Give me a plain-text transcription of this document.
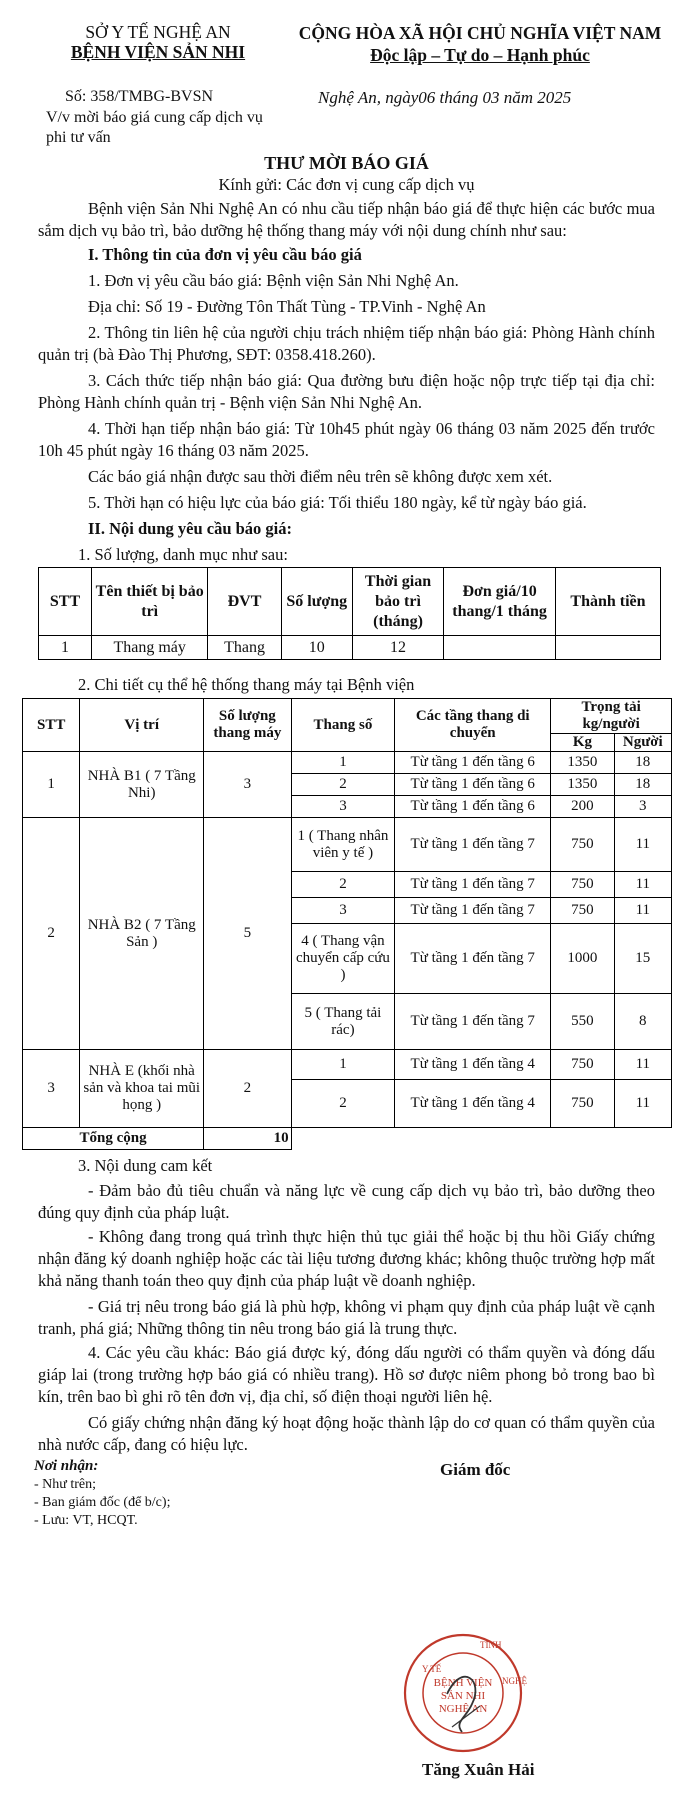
SỞ Y TẾ NGHỆ AN
BỆNH VIỆN SẢN NHI
CỘNG HÒA XÃ HỘI CHỦ NGHĨA VIỆT NAM
Độc lập – Tự do – Hạnh phúc
Số: 358/TMBG-BVSN	Nghệ An, ngày06 tháng 03 năm 2025
V/v mời báo giá cung cấp dịch vụ phi tư vấn
THƯ MỜI BÁO GIÁ
Kính gửi: Các đơn vị cung cấp dịch vụ
Bệnh viện Sản Nhi Nghệ An có nhu cầu tiếp nhận báo giá để thực hiện các bước mua sắm dịch vụ bảo trì, bảo dưỡng hệ thống thang máy với nội dung chính như sau:
I. Thông tin của đơn vị yêu cầu báo giá
1. Đơn vị yêu cầu báo giá: Bệnh viện Sản Nhi Nghệ An.
Địa chỉ: Số 19 - Đường Tôn Thất Tùng - TP.Vinh - Nghệ An
2. Thông tin liên hệ của người chịu trách nhiệm tiếp nhận báo giá: Phòng Hành chính quản trị (bà Đào Thị Phương, SĐT: 0358.418.260).
3. Cách thức tiếp nhận báo giá: Qua đường bưu điện hoặc nộp trực tiếp tại địa chỉ: Phòng Hành chính quản trị - Bệnh viện Sản Nhi Nghệ An.
4. Thời hạn tiếp nhận báo giá: Từ 10h45 phút ngày 06 tháng 03 năm 2025 đến trước 10h 45 phút ngày 16 tháng 03 năm 2025.
Các báo giá nhận được sau thời điểm nêu trên sẽ không được xem xét.
5. Thời hạn có hiệu lực của báo giá: Tối thiểu 180 ngày, kể từ ngày báo giá.
II. Nội dung yêu cầu báo giá:
1. Số lượng, danh mục như sau:
STT	Tên thiết bị bảo trì	ĐVT	Số lượng	Thời gian bảo trì (tháng)	Đơn giá/10 thang/1 tháng	Thành tiền
1	Thang máy	Thang	10	12		
2. Chi tiết cụ thể hệ thống thang máy tại Bệnh viện
STT	Vị trí	Số lượng thang máy	Thang số	Các tầng thang di chuyển	Trọng tải kg/người	
					Kg	Người
1	NHÀ B1 ( 7 Tầng Nhi)	3	1	Từ tầng 1 đến tầng 6	1350	18
			2	Từ tầng 1 đến tầng 6	1350	18
			3	Từ tầng 1 đến tầng 6	200	3
2	NHÀ B2 ( 7 Tầng Sản )	5	1 ( Thang nhân viên y tế )	Từ tầng 1 đến tầng 7	750	11
			2	Từ tầng 1 đến tầng 7	750	11
			3	Từ tầng 1 đến tầng 7	750	11
			4 ( Thang vận chuyển cấp cứu )	Từ tầng 1 đến tầng 7	1000	15
			5 ( Thang tải rác)	Từ tầng 1 đến tầng 7	550	8
3	NHÀ E (khối nhà sản và khoa tai mũi họng )	2	1	Từ tầng 1 đến tầng 4	750	11
			2	Từ tầng 1 đến tầng 4	750	11
Tổng cộng		10				
3. Nội dung cam kết
- Đảm bảo đủ tiêu chuẩn và năng lực về cung cấp dịch vụ bảo trì, bảo dưỡng theo đúng quy định của pháp luật.
- Không đang trong quá trình thực hiện thủ tục giải thể hoặc bị thu hồi Giấy chứng nhận đăng ký doanh nghiệp hoặc các tài liệu tương đương khác; không thuộc trường hợp mất khả năng thanh toán theo quy định của pháp luật về doanh nghiệp.
- Giá trị nêu trong báo giá là phù hợp, không vi phạm quy định của pháp luật về cạnh tranh, phá giá; Những thông tin nêu trong báo giá là trung thực.
4. Các yêu cầu khác: Báo giá được ký, đóng dấu người có thẩm quyền và đóng dấu giáp lai (trong trường hợp báo giá có nhiều trang). Hồ sơ được niêm phong bỏ trong bao bì kín, trên bao bì ghi rõ tên đơn vị, địa chỉ, số điện thoại người liên hệ.
Có giấy chứng nhận đăng ký hoạt động hoặc thành lập do cơ quan có thẩm quyền của nhà nước cấp, đang có hiệu lực.
Nơi nhận:
- Như trên;
- Ban giám đốc (để b/c);
- Lưu: VT, HCQT.
Giám đốc
BỆNH VIỆN
SẢN NHI
NGHỆ AN
Y TẾ
TỈNH
NGHỆ
Tăng Xuân Hải
